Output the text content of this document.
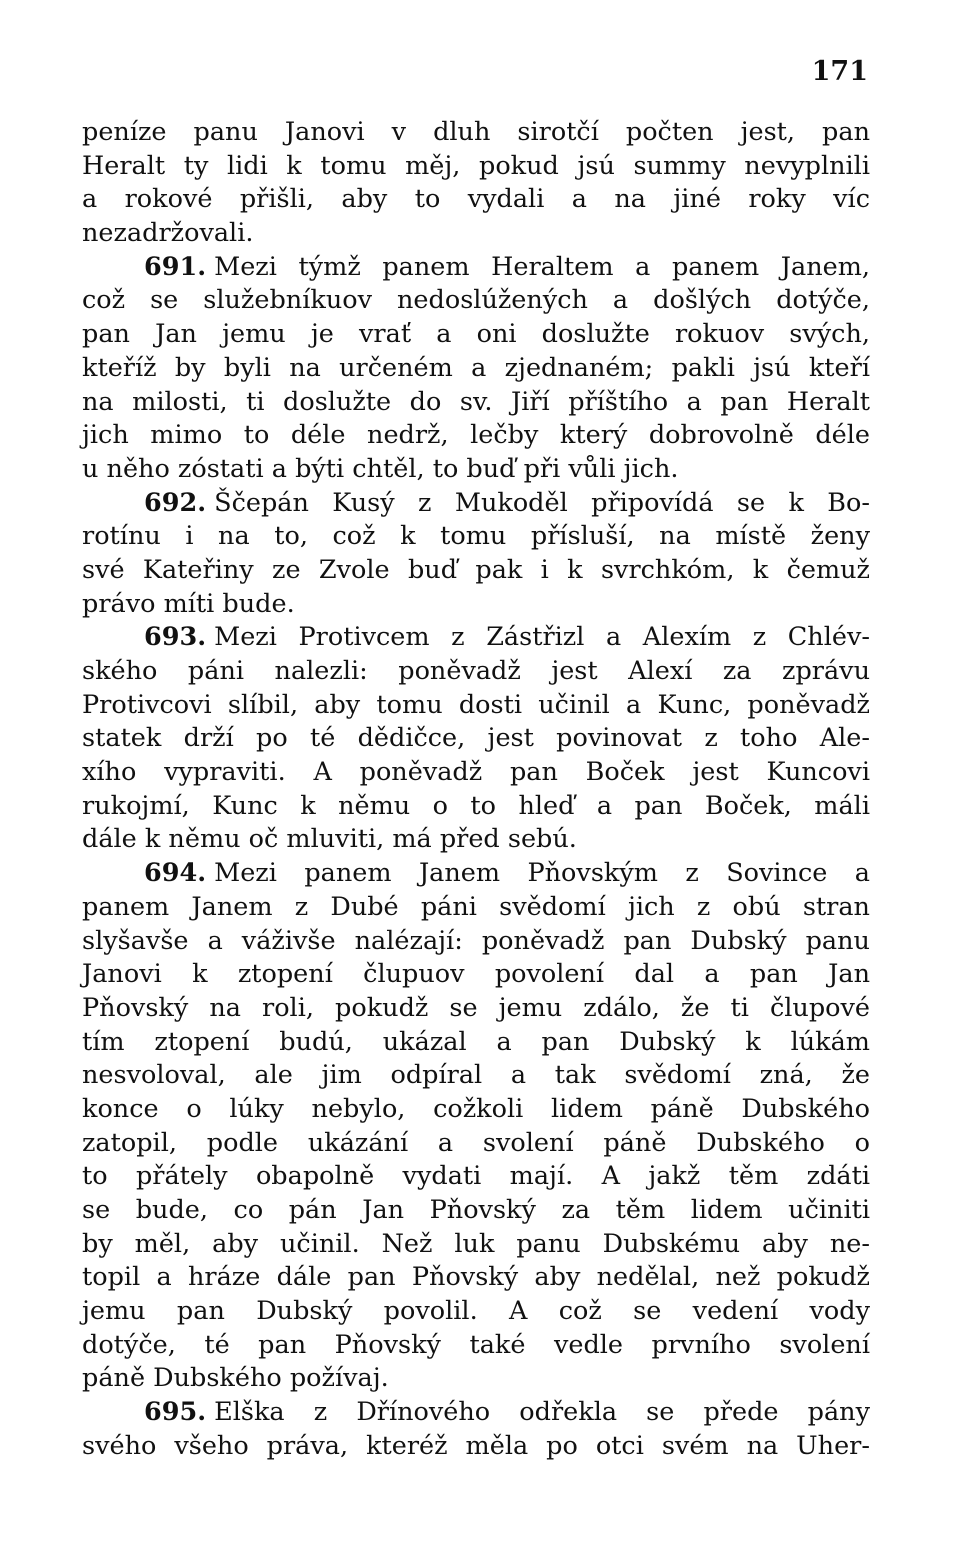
171
peníze panu Janovi v dluh sirotčí počten jest, pan
Heralt ty lidi k tomu měj, pokud jsú summy nevyplnili
a rokové přišli, aby to vydali a na jiné roky víc
nezadržovali.
691. Mezi týmž panem Heraltem a panem Janem,
což se služebníkuov nedoslúžených a došlých dotýče,
pan Jan jemu je vrať a oni doslužte rokuov svých,
kteříž by byli na určeném a zjednaném; pakli jsú kteří
na milosti, ti doslužte do sv. Jiří příštího a pan Heralt
jich mimo to déle nedrž, lečby který dobrovolně déle
u něho zóstati a býti chtěl, to buď při vůli jich.
692. Ščepán Kusý z Mukoděl připovídá se k Bo-
rotínu i na to, což k tomu přísluší, na místě ženy
své Kateřiny ze Zvole buď pak i k svrchkóm, k čemuž
právo míti bude.
693. Mezi Protivcem z Zástřizl a Alexím z Chlév-
ského páni nalezli: poněvadž jest Alexí za zprávu
Protivcovi slíbil, aby tomu dosti učinil a Kunc, poněvadž
statek drží po té dědičce, jest povinovat z toho Ale-
xího vypraviti. A poněvadž pan Boček jest Kuncovi
rukojmí, Kunc k němu o to hleď a pan Boček, máli
dále k němu oč mluviti, má před sebú.
694. Mezi panem Janem Pňovským z Sovince a
panem Janem z Dubé páni svědomí jich z obú stran
slyšavše a váživše nalézají: poněvadž pan Dubský panu
Janovi k ztopení člupuov povolení dal a pan Jan
Pňovský na roli, pokudž se jemu zdálo, že ti člupové
tím ztopení budú, ukázal a pan Dubský k lúkám
nesvoloval, ale jim odpíral a tak svědomí zná, že
konce o lúky nebylo, cožkoli lidem páně Dubského
zatopil, podle ukázání a svolení páně Dubského o
to přátely obapolně vydati mají. A jakž těm zdáti
se bude, co pán Jan Pňovský za těm lidem učiniti
by měl, aby učinil. Než luk panu Dubskému aby ne-
topil a hráze dále pan Pňovský aby nedělal, než pokudž
jemu pan Dubský povolil. A což se vedení vody
dotýče, té pan Pňovský také vedle prvního svolení
páně Dubského požívaj.
695. Elška z Dřínového odřekla se přede pány
svého všeho práva, kteréž měla po otci svém na Uher-
